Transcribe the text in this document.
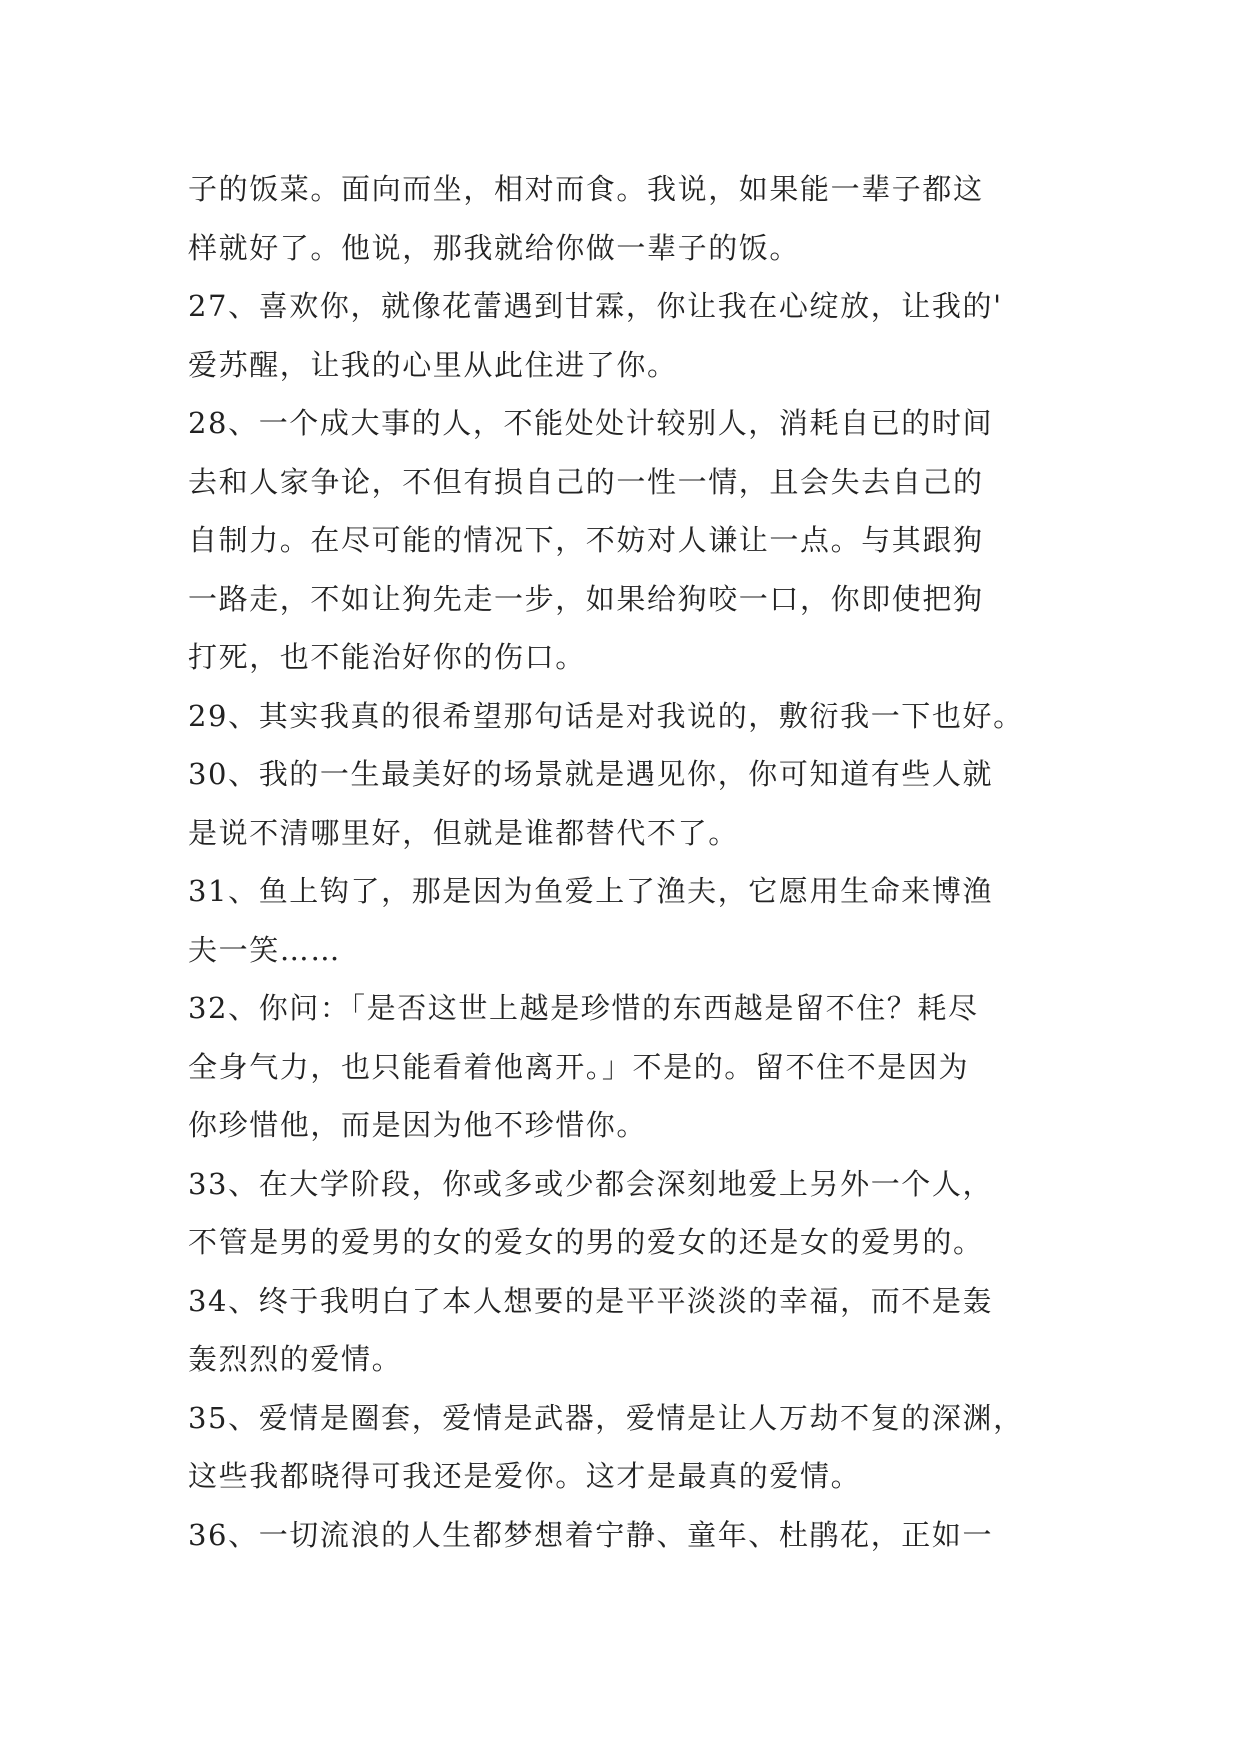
子的饭菜。面向而坐，相对而食。我说，如果能一辈子都这
样就好了。他说，那我就给你做一辈子的饭。
27、喜欢你，就像花蕾遇到甘霖，你让我在心绽放，让我的'
爱苏醒，让我的心里从此住进了你。
28、一个成大事的人，不能处处计较别人，消耗自已的时间
去和人家争论，不但有损自己的一性一情，且会失去自己的
自制力。在尽可能的情况下，不妨对人谦让一点。与其跟狗
一路走，不如让狗先走一步，如果给狗咬一口，你即使把狗
打死，也不能治好你的伤口。
29、其实我真的很希望那句话是对我说的，敷衍我一下也好。
30、我的一生最美好的场景就是遇见你，你可知道有些人就
是说不清哪里好，但就是谁都替代不了。
31、鱼上钩了，那是因为鱼爱上了渔夫，它愿用生命来博渔
夫一笑……
32、你问：「是否这世上越是珍惜的东西越是留不住？耗尽
全身气力，也只能看着他离开。」不是的。留不住不是因为
你珍惜他，而是因为他不珍惜你。
33、在大学阶段，你或多或少都会深刻地爱上另外一个人，
不管是男的爱男的女的爱女的男的爱女的还是女的爱男的。
34、终于我明白了本人想要的是平平淡淡的幸福，而不是轰
轰烈烈的爱情。
35、爱情是圈套，爱情是武器，爱情是让人万劫不复的深渊，
这些我都晓得可我还是爱你。这才是最真的爱情。
36、一切流浪的人生都梦想着宁静、童年、杜鹃花，正如一
